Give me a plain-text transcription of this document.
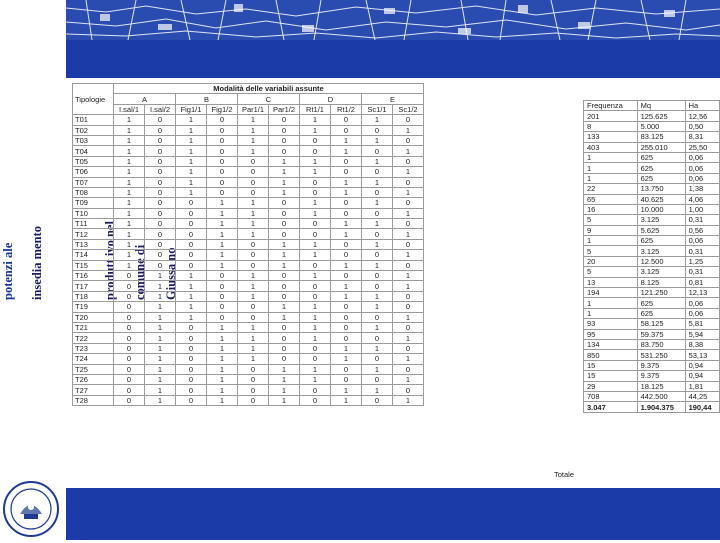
potenzi ale insedia mento	produtt ivo nel comune di Giussa no
Tipologie	Modalità delle variabili assunte									
	A		B		C		D		E	
	I.sal/1	I.sal/2	Fig1/1	Fig1/2	Par1/1	Par1/2	Rt1/1	Rt1/2	Sc1/1	Sc1/2
T01	1	0	1	0	1	0	1	0	1	0
T02	1	0	1	0	1	0	1	0	0	1
T03	1	0	1	0	1	0	0	1	1	0
T04	1	0	1	0	1	0	0	1	0	1
T05	1	0	1	0	0	1	1	0	1	0
T06	1	0	1	0	0	1	1	0	0	1
T07	1	0	1	0	0	1	0	1	1	0
T08	1	0	1	0	0	1	0	1	0	1
T09	1	0	0	1	1	0	1	0	1	0
T10	1	0	0	1	1	0	1	0	0	1
T11	1	0	0	1	1	0	0	1	1	0
T12	1	0	0	1	1	0	0	1	0	1
T13	1	0	0	1	0	1	1	0	1	0
T14	1	0	0	1	0	1	1	0	0	1
T15	1	0	0	1	0	1	0	1	1	0
T16	0	1	1	0	1	0	1	0	0	1
T17	0	1	1	0	1	0	0	1	0	1
T18	0	1	1	0	1	0	0	1	1	0
T19	0	1	1	0	0	1	1	0	1	0
T20	0	1	1	0	0	1	1	0	0	1
T21	0	1	0	1	1	0	1	0	1	0
T22	0	1	0	1	1	0	1	0	0	1
T23	0	1	0	1	1	0	0	1	1	0
T24	0	1	0	1	1	0	0	1	0	1
T25	0	1	0	1	0	1	1	0	1	0
T26	0	1	0	1	0	1	1	0	0	1
T27	0	1	0	1	0	1	0	1	1	0
T28	0	1	0	1	0	1	0	1	0	1
Frequenza	Mq	Ha
201	125.625	12,56
8	5.000	0,50
133	83.125	8,31
403	255.010	25,50
1	625	0,06
1	625	0,06
1	625	0,06
22	13.750	1,38
65	40.625	4,06
16	10.000	1,00
5	3.125	0,31
9	5.625	0,56
1	625	0,06
5	3.125	0,31
20	12.500	1,25
5	3.125	0,31
13	8.125	0,81
194	121.250	12,13
1	625	0,06
1	625	0,06
93	58.125	5,81
95	59.375	5,94
134	83.750	8,38
850	531.250	53,13
15	9.375	0,94
15	9.375	0,94
29	18.125	1,81
708	442.500	44,25
3.047	1.904.375	190,44
Totale
